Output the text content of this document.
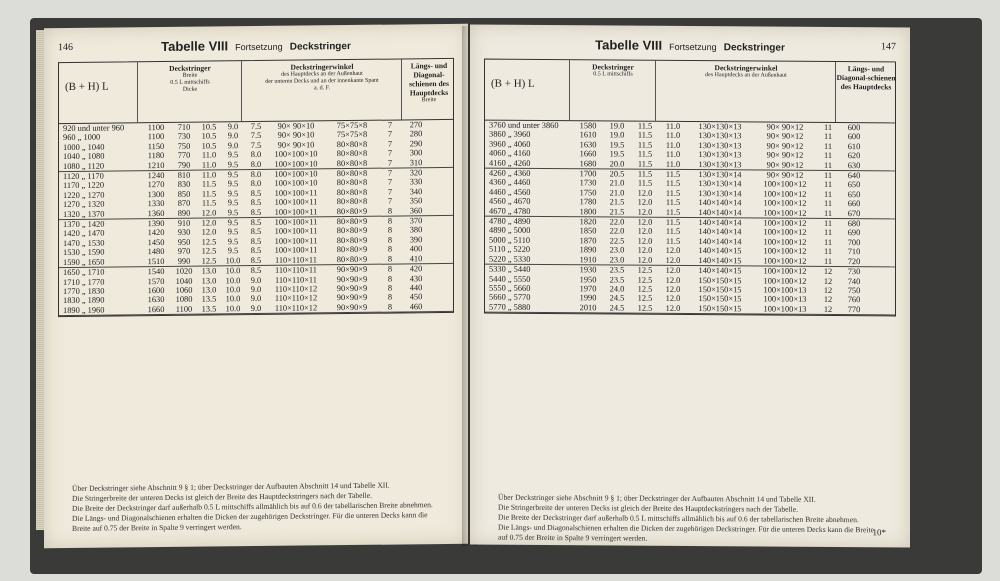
146	Tabelle VIII Fortsetzung Deckstringer
(B + H) L
Deckstringer
Breite
0.5 L mittschiffs
Dicke
Deckstringerwinkel
des Hauptdecks an der Außenhaut
der unteren Decks und an der innenkante Spant
a. d. F.
Längs- und Diagonal-schienen des Hauptdecks
Breite
920 und unter 960	1100	710	10.5	9.0	7.5	90× 90×10	75×75×8	7	270
960 „ 1000	1100	730	10.5	9.0	7.5	90× 90×10	75×75×8	7	280
1000 „ 1040	1150	750	10.5	9.0	7.5	90× 90×10	80×80×8	7	290
1040 „ 1080	1180	770	11.0	9.5	8.0	100×100×10	80×80×8	7	300
1080 „ 1120	1210	790	11.0	9.5	8.0	100×100×10	80×80×8	7	310
1120 „ 1170	1240	810	11.0	9.5	8.0	100×100×10	80×80×8	7	320
1170 „ 1220	1270	830	11.5	9.5	8.0	100×100×10	80×80×8	7	330
1220 „ 1270	1300	850	11.5	9.5	8.5	100×100×11	80×80×8	7	340
1270 „ 1320	1330	870	11.5	9.5	8.5	100×100×11	80×80×8	7	350
1320 „ 1370	1360	890	12.0	9.5	8.5	100×100×11	80×80×9	8	360
1370 „ 1420	1390	910	12.0	9.5	8.5	100×100×11	80×80×9	8	370
1420 „ 1470	1420	930	12.0	9.5	8.5	100×100×11	80×80×9	8	380
1470 „ 1530	1450	950	12.5	9.5	8.5	100×100×11	80×80×9	8	390
1530 „ 1590	1480	970	12.5	9.5	8.5	100×100×11	80×80×9	8	400
1590 „ 1650	1510	990	12.5	10.0	8.5	110×110×11	80×80×9	8	410
1650 „ 1710	1540	1020	13.0	10.0	8.5	110×110×11	90×90×9	8	420
1710 „ 1770	1570	1040	13.0	10.0	9.0	110×110×11	90×90×9	8	430
1770 „ 1830	1600	1060	13.0	10.0	9.0	110×110×12	90×90×9	8	440
1830 „ 1890	1630	1080	13.5	10.0	9.0	110×110×12	90×90×9	8	450
1890 „ 1960	1660	1100	13.5	10.0	9.0	110×110×12	90×90×9	8	460
Über Deckstringer siehe Abschnitt 9 § 1; über Deckstringer der Aufbauten Abschnitt 14 und Tabelle XII.
Die Stringerbreite der unteren Decks ist gleich der Breite des Hauptdeckstringers nach der Tabelle.
Die Breite der Deckstringer darf außerhalb 0.5 L mittschiffs allmählich bis auf 0.6 der tabellarischen Breite abnehmen.
Die Längs- und Diagonalschienen erhalten die Dicken der zugehörigen Deckstringer. Für die unteren Decks kann die Breite auf 0.75 der Breite in Spalte 9 verringert werden.
147
Tabelle VIII Fortsetzung Deckstringer
(B + H) L
Deckstringer
0.5 L mittschiffs
Deckstringerwinkel
des Hauptdecks an der Außenhaut
Längs- und Diagonal-schienen des Hauptdecks
3760 und unter 3860	1580	19.0	11.5	11.0	130×130×13	90× 90×12	11	600
3860 „ 3960	1610	19.0	11.5	11.0	130×130×13	90× 90×12	11	600
3960 „ 4060	1630	19.5	11.5	11.0	130×130×13	90× 90×12	11	610
4060 „ 4160	1660	19.5	11.5	11.0	130×130×13	90× 90×12	11	620
4160 „ 4260	1680	20.0	11.5	11.0	130×130×13	90× 90×12	11	630
4260 „ 4360	1700	20.5	11.5	11.5	130×130×14	90× 90×12	11	640
4360 „ 4460	1730	21.0	11.5	11.5	130×130×14	100×100×12	11	650
4460 „ 4560	1750	21.0	12.0	11.5	130×130×14	100×100×12	11	650
4560 „ 4670	1780	21.5	12.0	11.5	140×140×14	100×100×12	11	660
4670 „ 4780	1800	21.5	12.0	11.5	140×140×14	100×100×12	11	670
4780 „ 4890	1820	22.0	12.0	11.5	140×140×14	100×100×12	11	680
4890 „ 5000	1850	22.0	12.0	11.5	140×140×14	100×100×12	11	690
5000 „ 5110	1870	22.5	12.0	11.5	140×140×14	100×100×12	11	700
5110 „ 5220	1890	23.0	12.0	12.0	140×140×15	100×100×12	11	710
5220 „ 5330	1910	23.0	12.0	12.0	140×140×15	100×100×12	11	720
5330 „ 5440	1930	23.5	12.5	12.0	140×140×15	100×100×12	12	730
5440 „ 5550	1950	23.5	12.5	12.0	150×150×15	100×100×12	12	740
5550 „ 5660	1970	24.0	12.5	12.0	150×150×15	100×100×13	12	750
5660 „ 5770	1990	24.5	12.5	12.0	150×150×15	100×100×13	12	760
5770 „ 5880	2010	24.5	12.5	12.0	150×150×15	100×100×13	12	770
Über Deckstringer siehe Abschnitt 9 § 1; über Deckstringer der Aufbauten Abschnitt 14 und Tabelle XII.
Die Stringerbreite der unteren Decks ist gleich der Breite des Hauptdeckstringers nach der Tabelle.
Die Breite der Deckstringer darf außerhalb 0.5 L mittschiffs allmählich bis auf 0.6 der tabellarischen Breite abnehmen.
Die Längs- und Diagonalschienen erhalten die Dicken der zugehörigen Deckstringer. Für die unteren Decks kann die Breite auf 0.75 der Breite in Spalte 9 verringert werden.
10*
